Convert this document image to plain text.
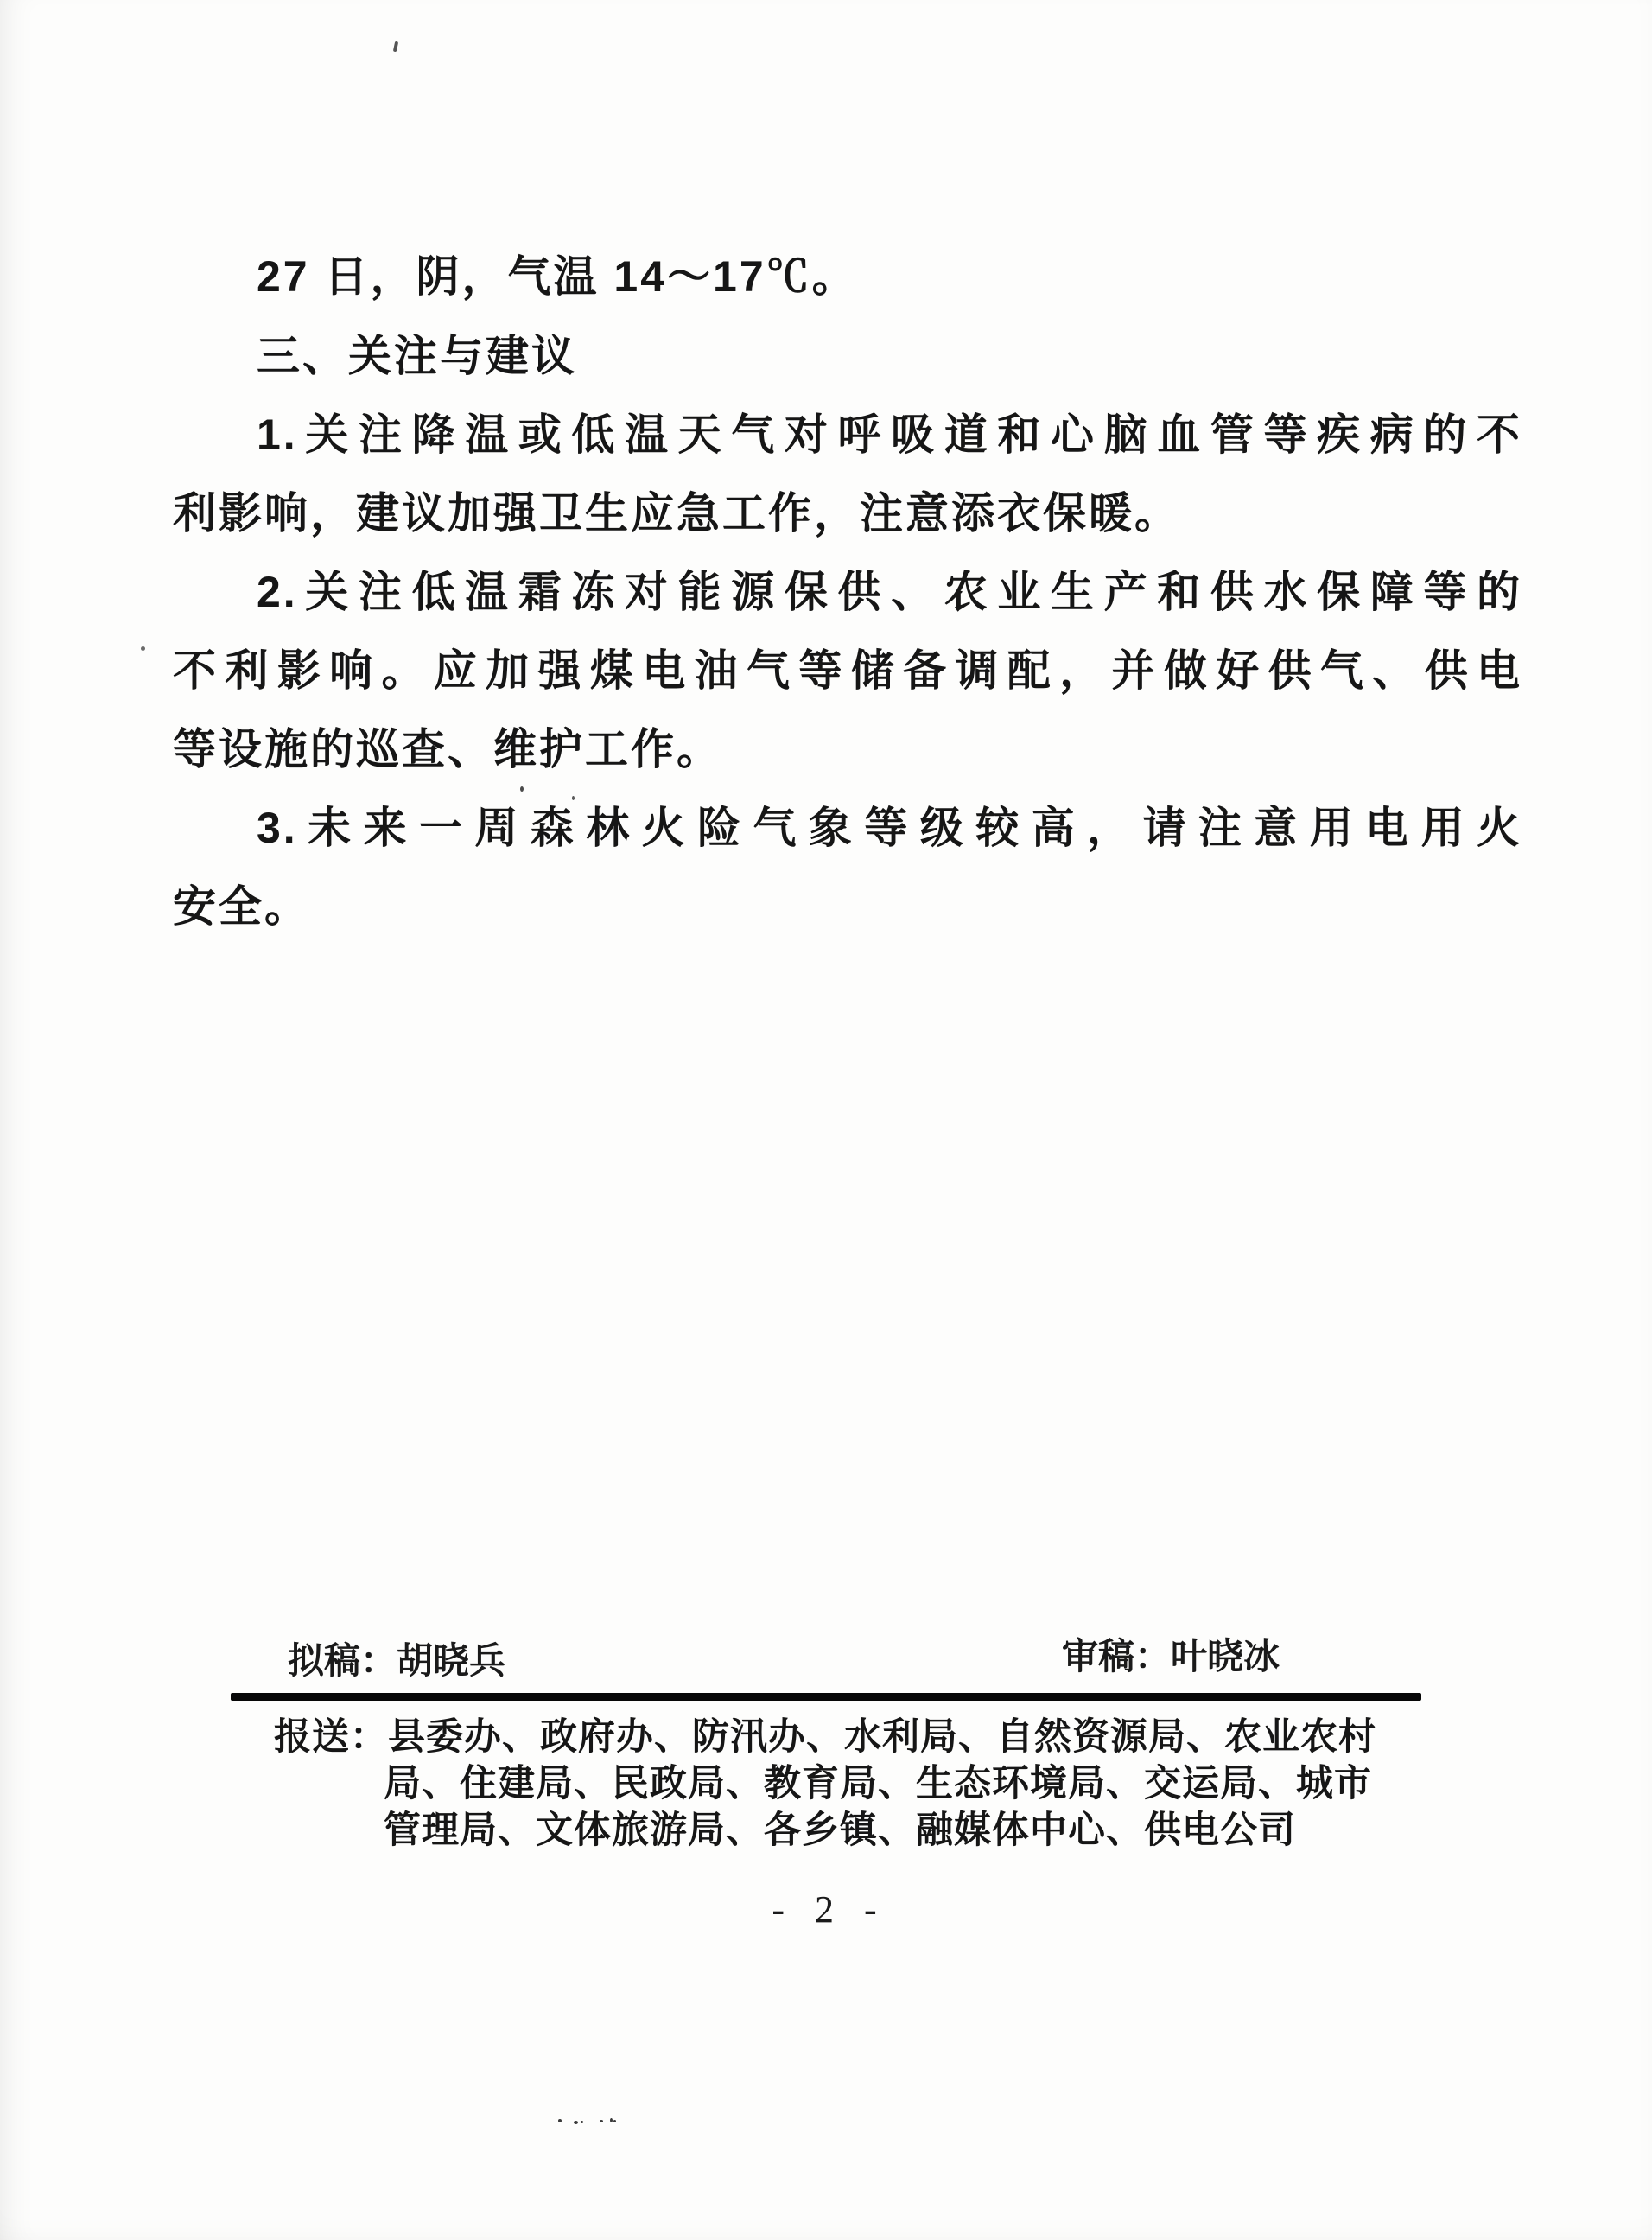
27 日，阴，气温 14～17℃。
三、关注与建议
1.关注降温或低温天气对呼吸道和心脑血管等疾病的不
利影响，建议加强卫生应急工作，注意添衣保暖。
2.关注低温霜冻对能源保供、农业生产和供水保障等的
不利影响。应加强煤电油气等储备调配，并做好供气、供电
等设施的巡查、维护工作。
3.未来一周森林火险气象等级较高，请注意用电用火
安全。
拟稿：胡晓兵	审稿：叶晓冰
报送：县委办、政府办、防汛办、水利局、自然资源局、农业农村
局、住建局、民政局、教育局、生态环境局、交运局、城市
管理局、文体旅游局、各乡镇、融媒体中心、供电公司
- 2 -
